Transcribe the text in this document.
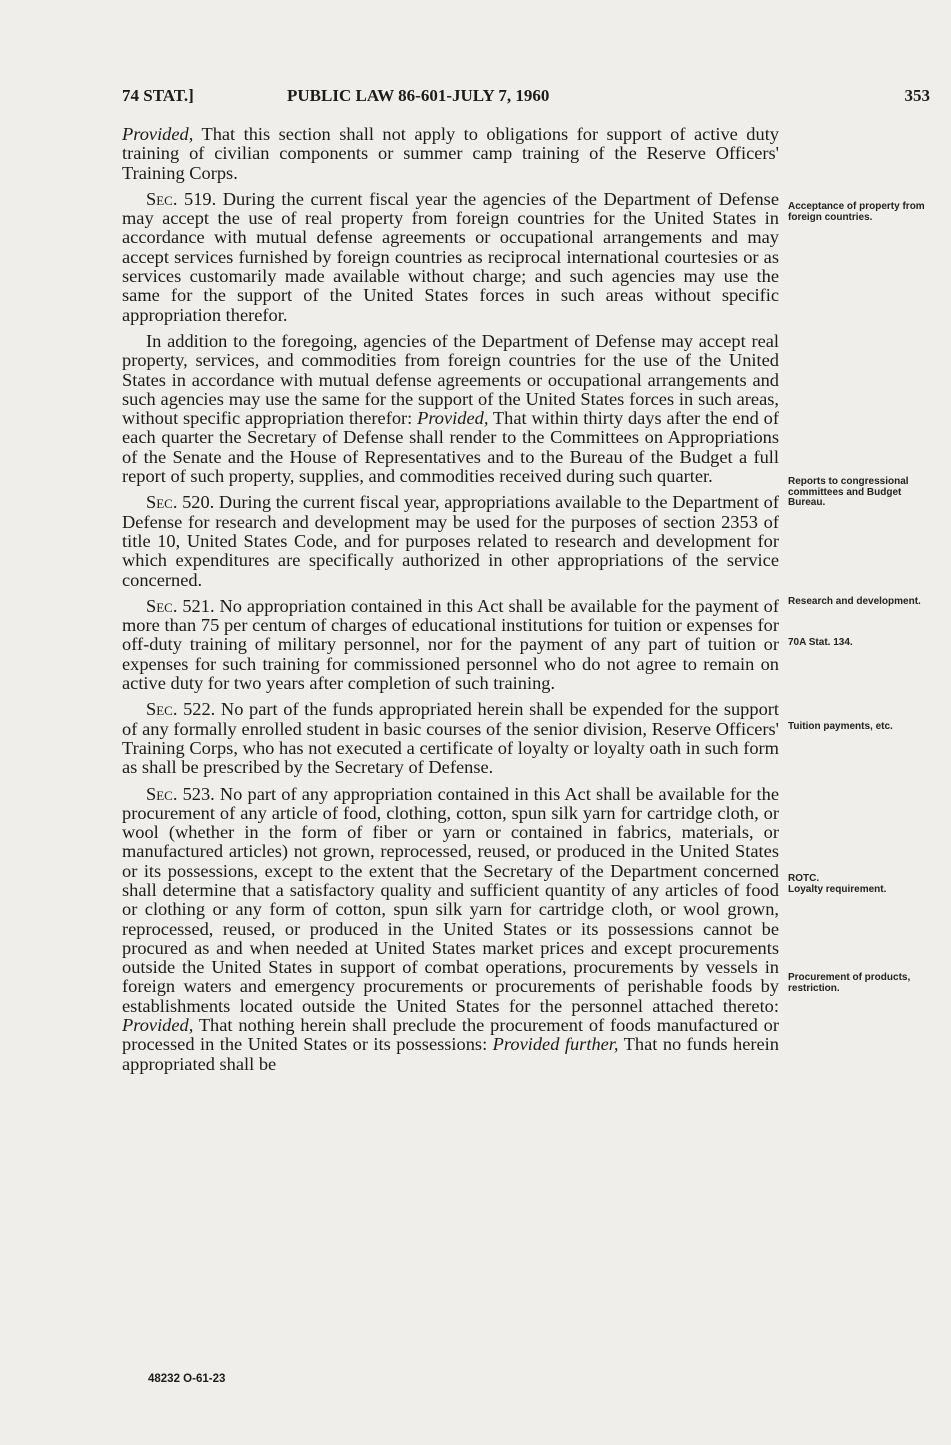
74 STAT.]	PUBLIC LAW 86-601-JULY 7, 1960	353

Provided, That this section shall not apply to obligations for support of active duty training of civilian components or summer camp training of the Reserve Officers' Training Corps.

Sec. 519. During the current fiscal year the agencies of the Department of Defense may accept the use of real property from foreign countries for the United States in accordance with mutual defense agreements or occupational arrangements and may accept services furnished by foreign countries as reciprocal international courtesies or as services customarily made available without charge; and such agencies may use the same for the support of the United States forces in such areas without specific appropriation therefor.

In addition to the foregoing, agencies of the Department of Defense may accept real property, services, and commodities from foreign countries for the use of the United States in accordance with mutual defense agreements or occupational arrangements and such agencies may use the same for the support of the United States forces in such areas, without specific appropriation therefor: Provided, That within thirty days after the end of each quarter the Secretary of Defense shall render to the Committees on Appropriations of the Senate and the House of Representatives and to the Bureau of the Budget a full report of such property, supplies, and commodities received during such quarter.

Sec. 520. During the current fiscal year, appropriations available to the Department of Defense for research and development may be used for the purposes of section 2353 of title 10, United States Code, and for purposes related to research and development for which expenditures are specifically authorized in other appropriations of the service concerned.

Sec. 521. No appropriation contained in this Act shall be available for the payment of more than 75 per centum of charges of educational institutions for tuition or expenses for off-duty training of military personnel, nor for the payment of any part of tuition or expenses for such training for commissioned personnel who do not agree to remain on active duty for two years after completion of such training.

Sec. 522. No part of the funds appropriated herein shall be expended for the support of any formally enrolled student in basic courses of the senior division, Reserve Officers' Training Corps, who has not executed a certificate of loyalty or loyalty oath in such form as shall be prescribed by the Secretary of Defense.

Sec. 523. No part of any appropriation contained in this Act shall be available for the procurement of any article of food, clothing, cotton, spun silk yarn for cartridge cloth, or wool (whether in the form of fiber or yarn or contained in fabrics, materials, or manufactured articles) not grown, reprocessed, reused, or produced in the United States or its possessions, except to the extent that the Secretary of the Department concerned shall determine that a satisfactory quality and sufficient quantity of any articles of food or clothing or any form of cotton, spun silk yarn for cartridge cloth, or wool grown, reprocessed, reused, or produced in the United States or its possessions cannot be procured as and when needed at United States market prices and except procurements outside the United States in support of combat operations, procurements by vessels in foreign waters and emergency procurements or procurements of perishable foods by establishments located outside the United States for the personnel attached thereto: Provided, That nothing herein shall preclude the procurement of foods manufactured or processed in the United States or its possessions: Provided further, That no funds herein appropriated shall be

Acceptance of property from foreign countries.
Reports to congressional committees and Budget Bureau.
Research and development.
70A Stat. 134.
Tuition payments, etc.
ROTC.
Loyalty requirement.
Procurement of products, restriction.
48232 O-61-23
